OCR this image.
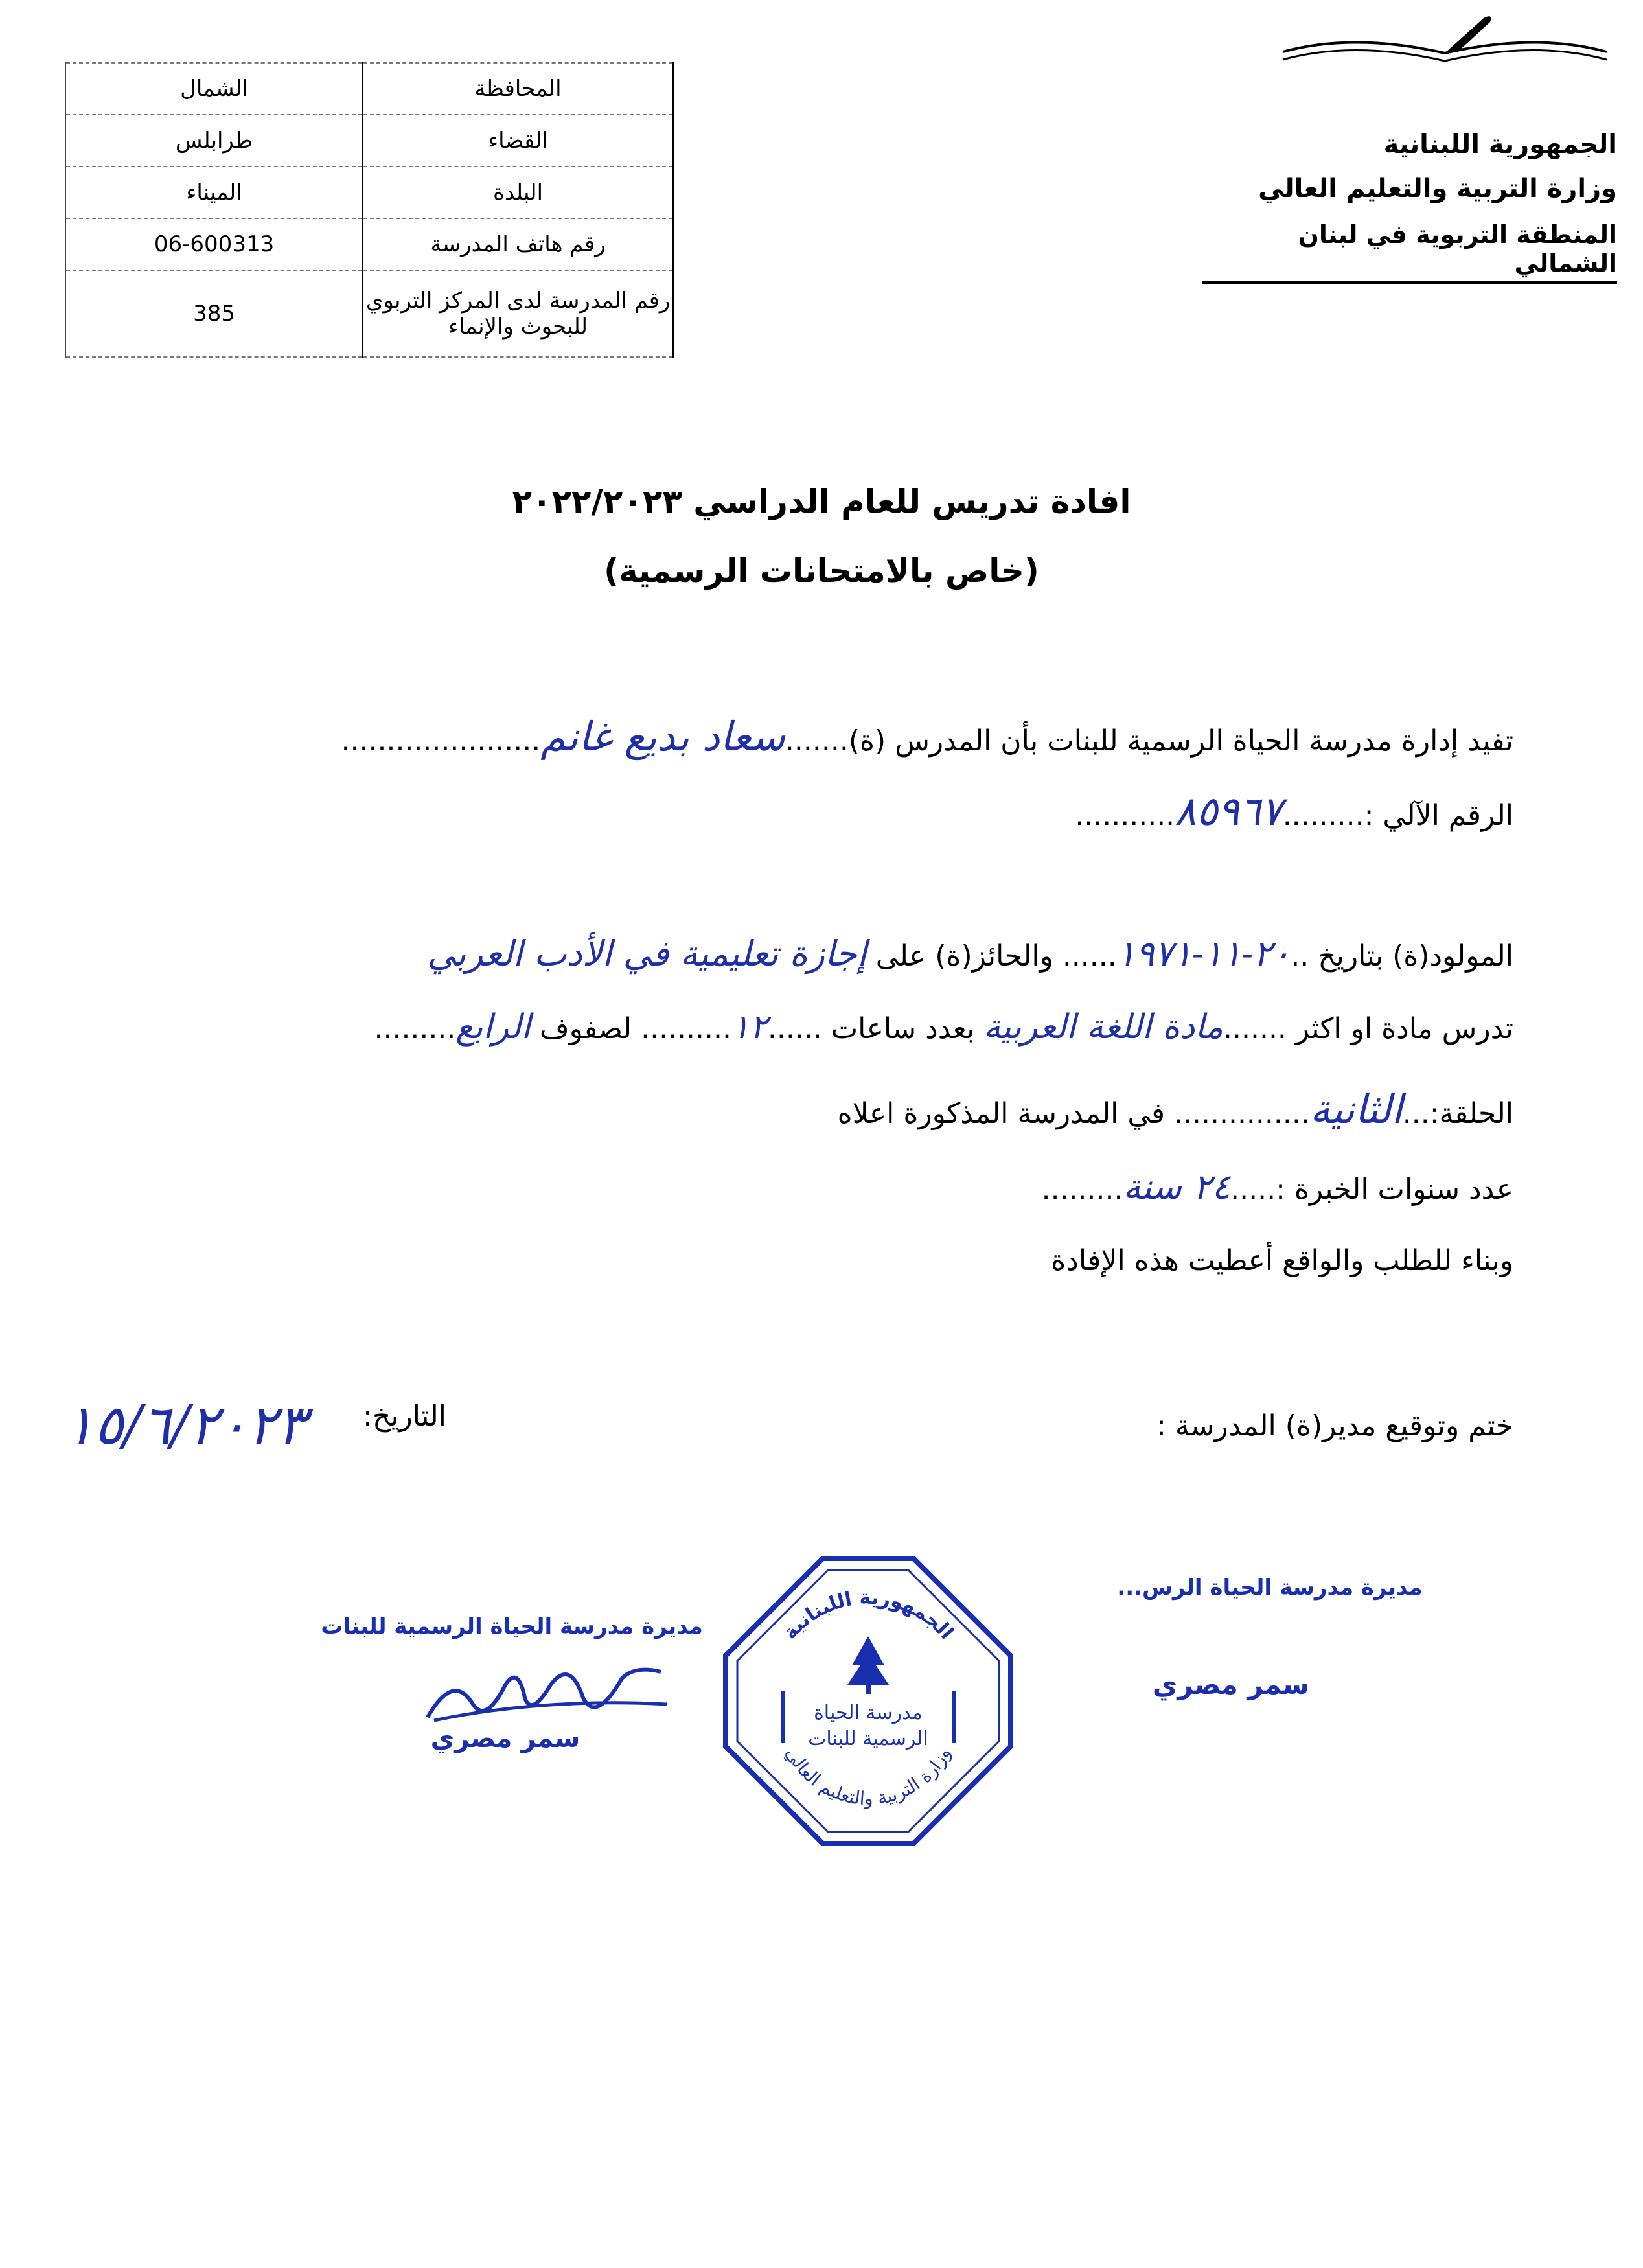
الجمهورية اللبنانية
وزارة التربية والتعليم العالي
المنطقة التربوية في لبنان الشمالي
الشمال	المحافظة
طرابلس	القضاء
الميناء	البلدة
06-600313	رقم هاتف المدرسة
385	رقم المدرسة لدى المركز التربوي للبحوث والإنماء
افادة تدريس للعام الدراسي ٢٠٢٢/٢٠٢٣
(خاص بالامتحانات الرسمية)
تفيد إدارة مدرسة الحياة الرسمية للبنات بأن المدرس (ة).......سعاد بديع غانم......................
الرقم الآلي :.........٨٥٩٦٧...........
المولود(ة) بتاريخ ..٢٠-١١-١٩٧١...... والحائز(ة) على إجازة تعليمية في الأدب العربي
تدرس مادة او اكثر .......مادة اللغة العربية بعدد ساعات ......١٢.......... لصفوف الرابع.........
الحلقة:...الثانية............... في المدرسة المذكورة اعلاه
عدد سنوات الخبرة :.....٢٤ سنة.........
وبناء للطلب والواقع أعطيت هذه الإفادة
ختم وتوقيع مدير(ة) المدرسة :
التاريخ:
١٥/٦/٢٠٢٣
مديرة مدرسة الحياة الرسمية للبنات
سمر مصري
مديرة مدرسة الحياة الرس...
سمر مصري
الجمهورية اللبنانية
مدرسة الحياة
الرسمية للبنات
وزارة التربية والتعليم العالي
